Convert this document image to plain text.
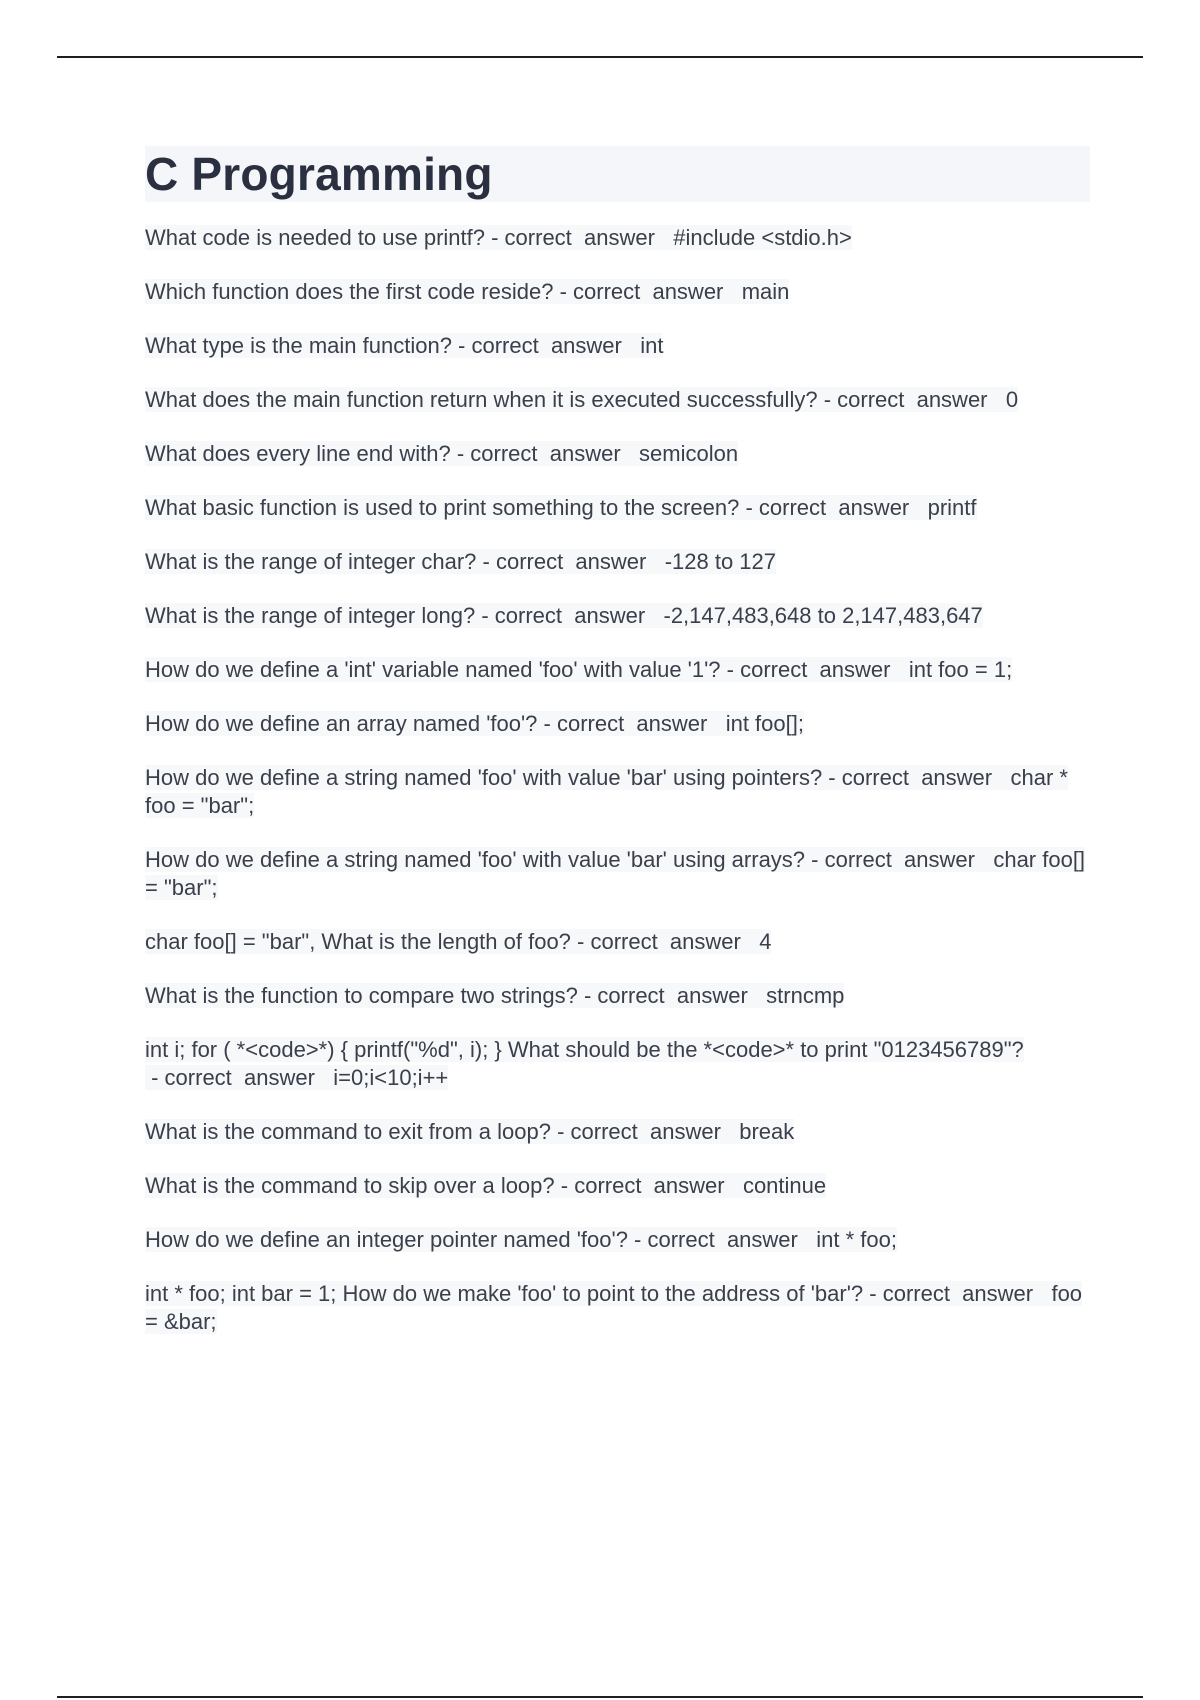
C Programming
What code is needed to use printf? - correct  answer   #include <stdio.h>
Which function does the first code reside? - correct  answer   main
What type is the main function? - correct  answer   int
What does the main function return when it is executed successfully? - correct  answer   0
What does every line end with? - correct  answer   semicolon
What basic function is used to print something to the screen? - correct  answer   printf
What is the range of integer char? - correct  answer   -128 to 127
What is the range of integer long? - correct  answer   -2,147,483,648 to 2,147,483,647
How do we define a 'int' variable named 'foo' with value '1'? - correct  answer   int foo = 1;
How do we define an array named 'foo'? - correct  answer   int foo[];
How do we define a string named 'foo' with value 'bar' using pointers? - correct  answer   char * foo = "bar";
How do we define a string named 'foo' with value 'bar' using arrays? - correct  answer   char foo[] = "bar";
char foo[] = "bar", What is the length of foo? - correct  answer   4
What is the function to compare two strings? - correct  answer   strncmp
int i; for ( *<code>*) { printf("%d", i); } What should be the *<code>* to print "0123456789"? - correct  answer   i=0;i<10;i++
What is the command to exit from a loop? - correct  answer   break
What is the command to skip over a loop? - correct  answer   continue
How do we define an integer pointer named 'foo'? - correct  answer   int * foo;
int * foo; int bar = 1; How do we make 'foo' to point to the address of 'bar'? - correct  answer   foo = &bar;
